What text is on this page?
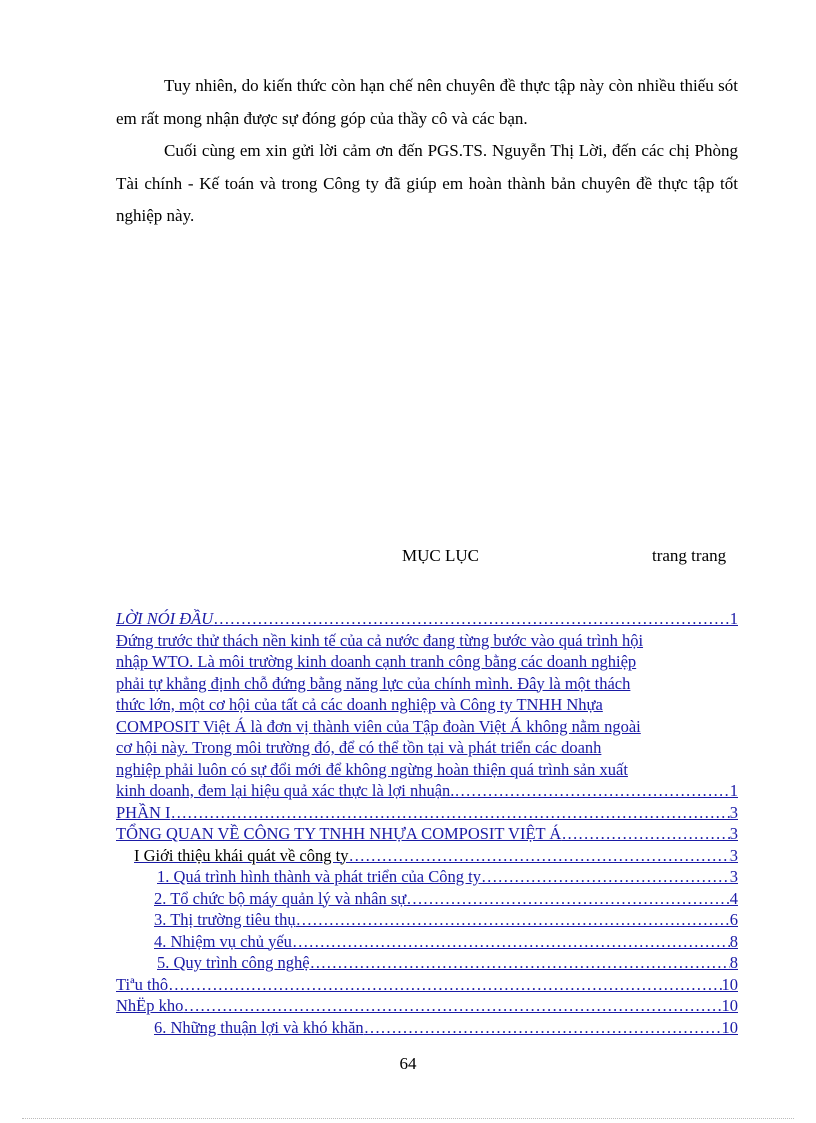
Tuy nhiên, do kiến thức còn hạn chế nên chuyên đề thực tập này còn nhiều thiếu sót em rất mong nhận được sự đóng góp của thầy cô và các bạn.
Cuối cùng em xin gửi lời cảm ơn đến PGS.TS. Nguyễn Thị Lời, đến các chị Phòng Tài chính - Kế toán và trong Công ty đã giúp em hoàn thành bản chuyên đề thực tập tốt nghiệp này.
MỤC LỤC	trang trang
LỜI NÓI ĐẦU ……………………………………………………………………………………………………………………………………………………………………	1
Đứng trước thử thách nền kinh tế của cả nước đang từng bước vào quá trình hội
nhập WTO. Là môi trường kinh doanh cạnh tranh công bằng các doanh nghiệp
phải tự khẳng định chỗ đứng bằng năng lực của chính mình. Đây là một thách
thức lớn, một cơ hội của tất cả các doanh nghiệp và Công ty TNHH Nhựa
COMPOSIT Việt Á là đơn vị thành viên của Tập đoàn Việt Á không nằm ngoài
cơ hội này. Trong môi trường đó, để có thể tồn tại và phát triển các doanh
nghiệp phải luôn có sự đổi mới để không ngừng hoàn thiện quá trình sản xuất
kinh doanh, đem lại hiệu quả xác thực là lợi nhuận. ……………………………………………………………………………………………………………………………………………………………………	1
PHẦN I ……………………………………………………………………………………………………………………………………………………………………	3
TỔNG QUAN VỀ CÔNG TY TNHH NHỰA COMPOSIT VIỆT Á ……………………………………………………………………………………………………………………………………………………………………	3
I Giới thiệu khái quát về công ty ……………………………………………………………………………………………………………………………………………………………………	3
1. Quá trình hình thành và phát triển của Công ty ……………………………………………………………………………………………………………………………………………………………………	3
2. Tổ chức bộ máy quản lý và nhân sự ……………………………………………………………………………………………………………………………………………………………………	4
3. Thị trường tiêu thụ ……………………………………………………………………………………………………………………………………………………………………	6
4. Nhiệm vụ chủ yếu ……………………………………………………………………………………………………………………………………………………………………	8
5. Quy trình công nghệ ……………………………………………………………………………………………………………………………………………………………………	8
Tiªu thô ……………………………………………………………………………………………………………………………………………………………………	10
NhËp kho ……………………………………………………………………………………………………………………………………………………………………	10
6. Những thuận lợi và khó khăn ……………………………………………………………………………………………………………………………………………………………………	10
64
